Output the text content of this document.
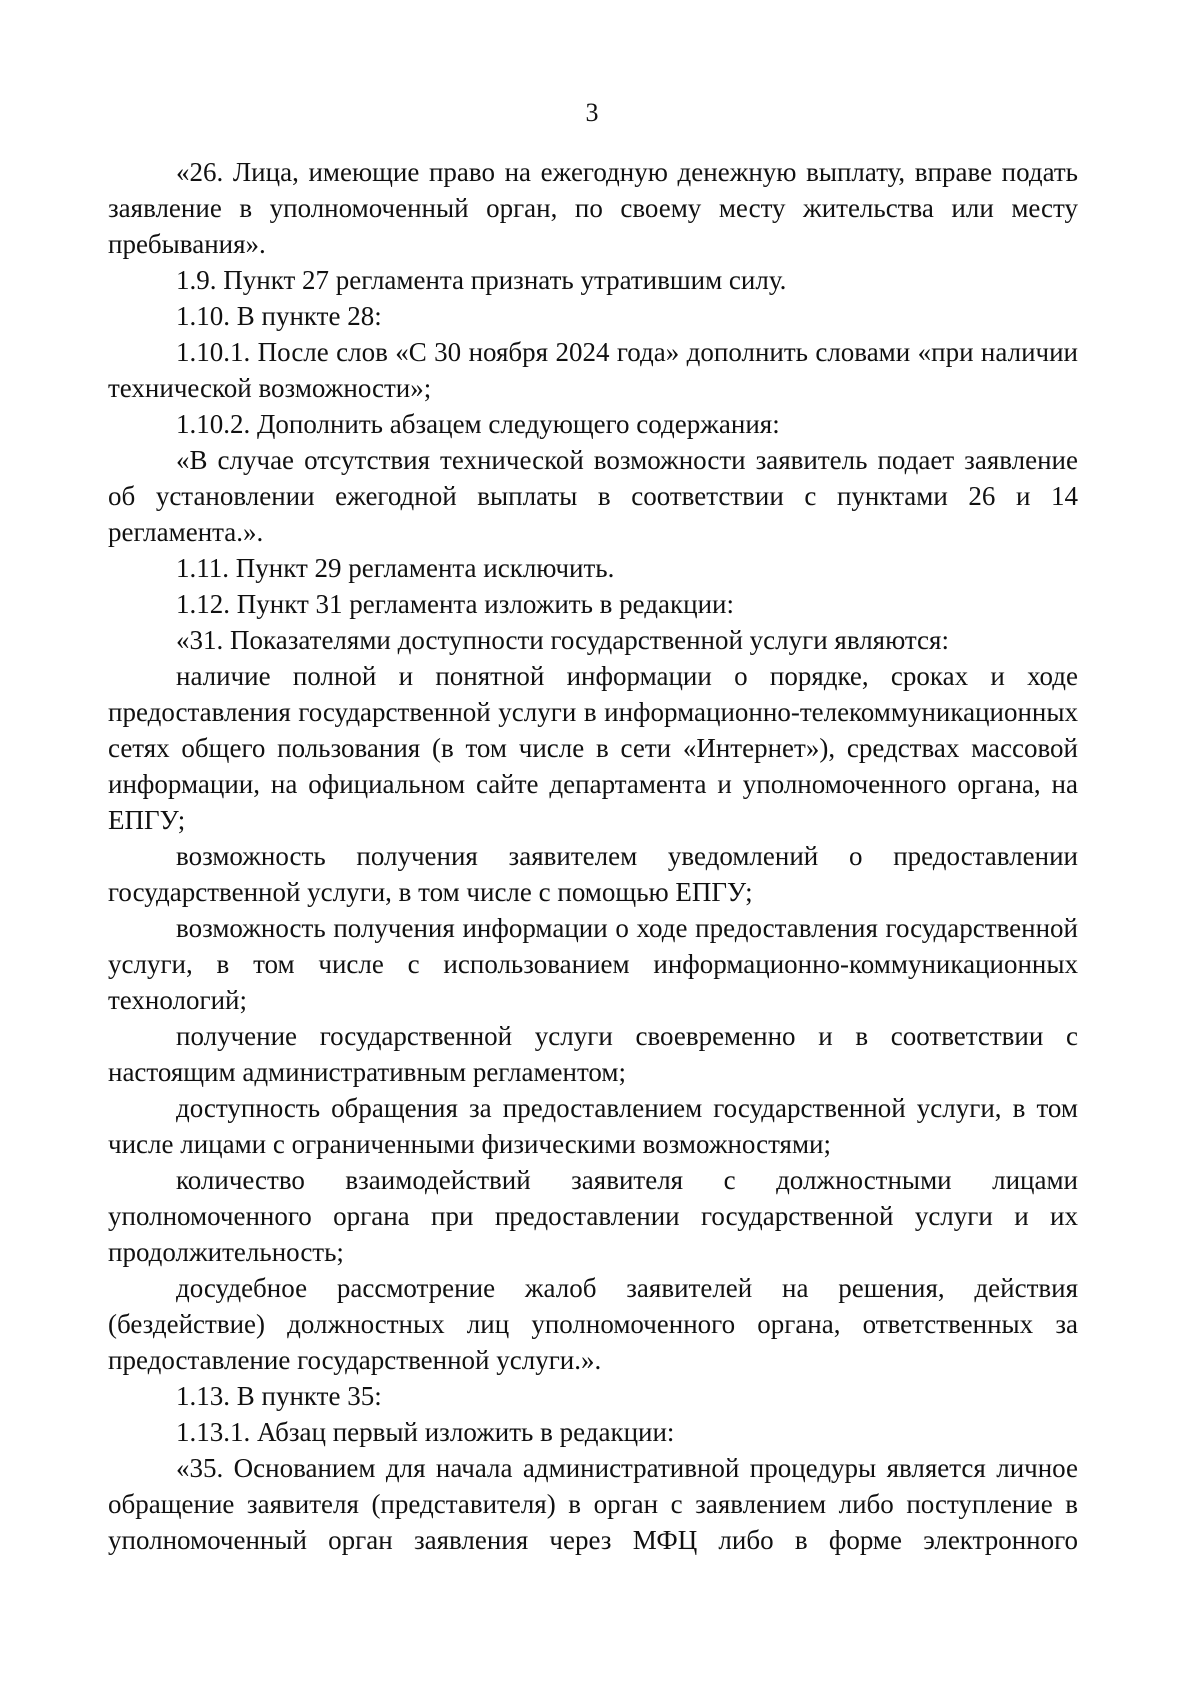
3

«26. Лица, имеющие право на ежегодную денежную выплату, вправе подать заявление в уполномоченный орган, по своему месту жительства или месту пребывания».

1.9. Пункт 27 регламента признать утратившим силу.

1.10. В пункте 28:

1.10.1. После слов «С 30 ноября 2024 года» дополнить словами «при наличии технической возможности»;

1.10.2. Дополнить абзацем следующего содержания:

«В случае отсутствия технической возможности заявитель подает заявление об установлении ежегодной выплаты в соответствии с пунктами 26 и 14 регламента.».

1.11. Пункт 29 регламента исключить.

1.12. Пункт 31 регламента изложить в редакции:

«31. Показателями доступности государственной услуги являются:

наличие полной и понятной информации о порядке, сроках и ходе предоставления государственной услуги в информационно-телекоммуникационных сетях общего пользования (в том числе в сети «Интернет»), средствах массовой информации, на официальном сайте департамента и уполномоченного органа, на ЕПГУ;

возможность получения заявителем уведомлений о предоставлении государственной услуги, в том числе с помощью ЕПГУ;

возможность получения информации о ходе предоставления государственной услуги, в том числе с использованием информационно-коммуникационных технологий;

получение государственной услуги своевременно и в соответствии с настоящим административным регламентом;

доступность обращения за предоставлением государственной услуги, в том числе лицами с ограниченными физическими возможностями;

количество взаимодействий заявителя с должностными лицами уполномоченного органа при предоставлении государственной услуги и их продолжительность;

досудебное рассмотрение жалоб заявителей на решения, действия (бездействие) должностных лиц уполномоченного органа, ответственных за предоставление государственной услуги.».

1.13. В пункте 35:

1.13.1. Абзац первый изложить в редакции:

«35. Основанием для начала административной процедуры является личное обращение заявителя (представителя) в орган с заявлением либо поступление в уполномоченный орган заявления через МФЦ либо в форме электронного
